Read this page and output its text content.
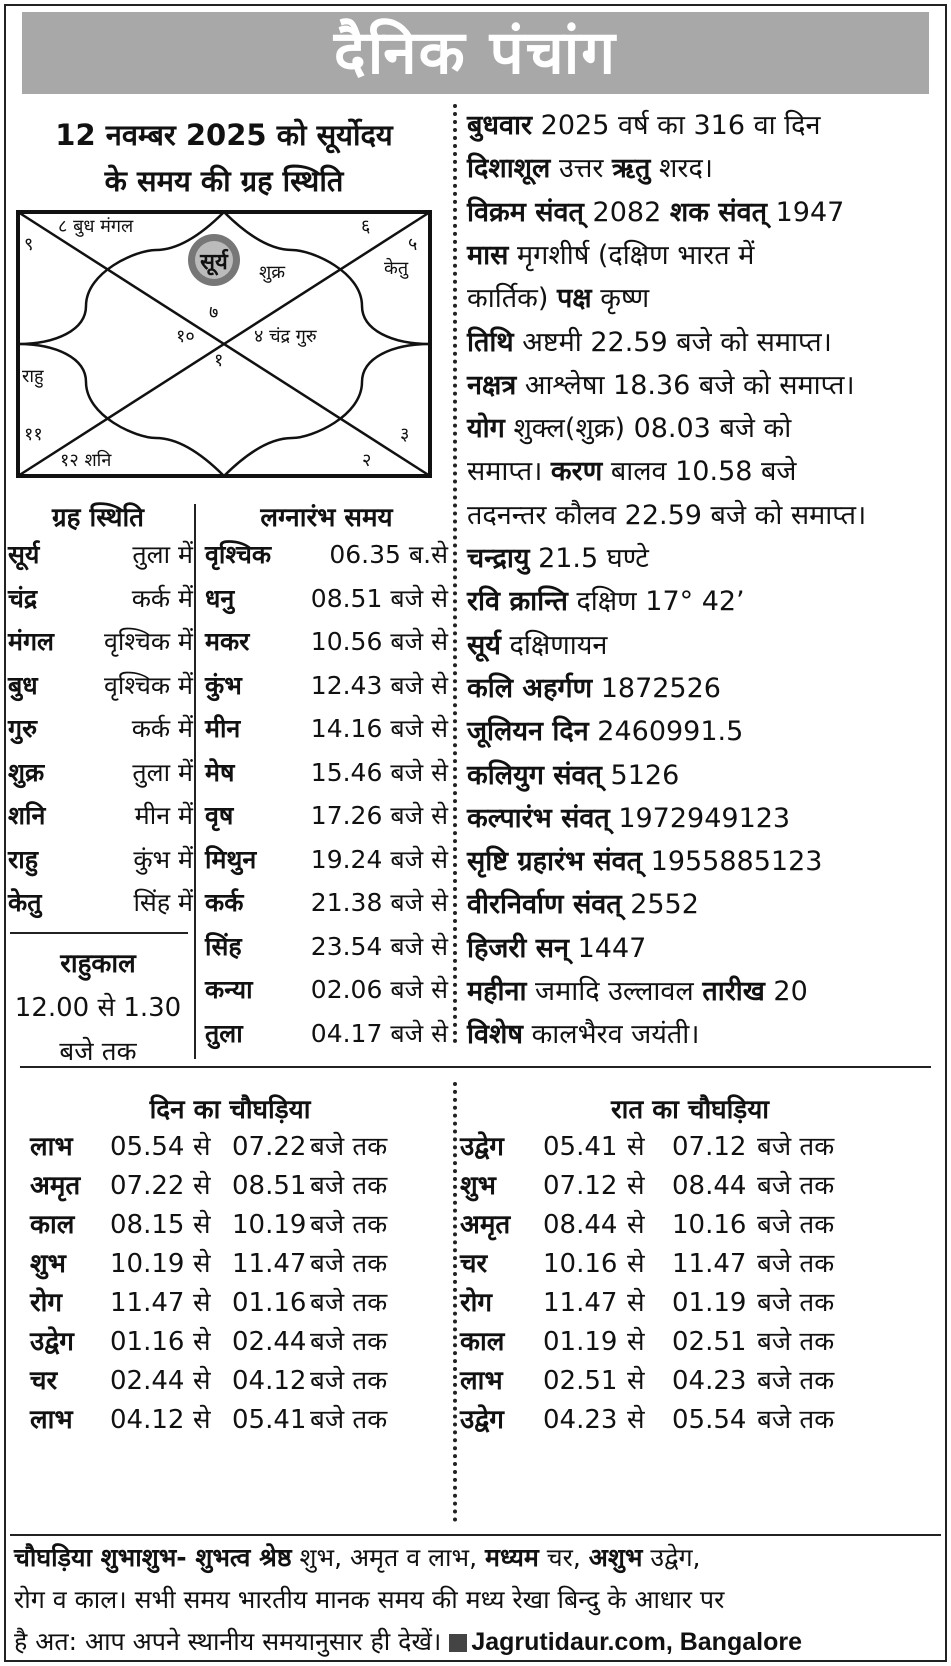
दैनिक पंचांग
12 नवम्बर 2025 को सूर्योदय
के समय की ग्रह स्थिति
सूर्य
८ बुध मंगल
९
६
५
केतु
शुक्र
७
१०	४ चंद्र गुरु
१
राहु
११
१२ शनि	२
३
ग्रह स्थिति
सूर्य	तुला में
चंद्र	कर्क में
मंगल वृश्चिक में
बुध	वृश्चिक में
गुरु	कर्क में
शुक्र	तुला में
शनि	मीन में
राहु	कुंभ में
केतु	सिंह में
राहुकाल
12.00 से 1.30
बजे तक
लग्नारंभ समय
वृश्चिक 06.35 ब.से
धनु	08.51 बजे से
मकर 10.56 बजे से
कुंभ	12.43 बजे से
मीन	14.16 बजे से
मेष	15.46 बजे से
वृष	17.26 बजे से
मिथुन 19.24 बजे से
कर्क	21.38 बजे से
सिंह	23.54 बजे से
कन्या 02.06 बजे से
तुला	04.17 बजे से
बुधवार 2025 वर्ष का 316 वा दिन
दिशाशूल उत्तर ऋतु शरद।
विक्रम संवत् 2082 शक संवत् 1947
मास मृगशीर्ष (दक्षिण भारत में
कार्तिक) पक्ष कृष्ण
तिथि अष्टमी 22.59 बजे को समाप्त।
नक्षत्र आश्लेषा 18.36 बजे को समाप्त।
योग शुक्ल(शुक्र) 08.03 बजे को
समाप्त। करण बालव 10.58 बजे
तदनन्तर कौलव 22.59 बजे को समाप्त।
चन्द्रायु 21.5 घण्टे
रवि क्रान्ति दक्षिण 17° 42’
सूर्य दक्षिणायन
कलि अहर्गण 1872526
जूलियन दिन 2460991.5
कलियुग संवत् 5126
कल्पारंभ संवत् 1972949123
सृष्टि ग्रहारंभ संवत् 1955885123
वीरनिर्वाण संवत् 2552
हिजरी सन् 1447
महीना जमादि उल्लावल तारीख 20
विशेष कालभैरव जयंती।
दिन का चौघड़िया	रात का चौघड़िया
लाभ 05.54 से 07.22 बजे तक
अमृत 07.22 से 08.51 बजे तक
काल 08.15 से 10.19 बजे तक
शुभ 10.19 से 11.47 बजे तक
रोग 11.47 से 01.16 बजे तक
उद्वेग 01.16 से 02.44 बजे तक
चर 02.44 से 04.12 बजे तक
लाभ 04.12 से 05.41 बजे तक
उद्वेग 05.41 से 07.12 बजे तक
शुभ 07.12 से 08.44 बजे तक
अमृत 08.44 से 10.16 बजे तक
चर 10.16 से 11.47 बजे तक
रोग 11.47 से 01.19 बजे तक
काल 01.19 से 02.51 बजे तक
लाभ 02.51 से 04.23 बजे तक
उद्वेग 04.23 से 05.54 बजे तक
चौघड़िया शुभाशुभ- शुभत्व श्रेष्ठ शुभ, अमृत व लाभ, मध्यम चर, अशुभ उद्वेग,
रोग व काल। सभी समय भारतीय मानक समय की मध्य रेखा बिन्दु के आधार पर
है अत: आप अपने स्थानीय समयानुसार ही देखें। Jagrutidaur.com, Bangalore
